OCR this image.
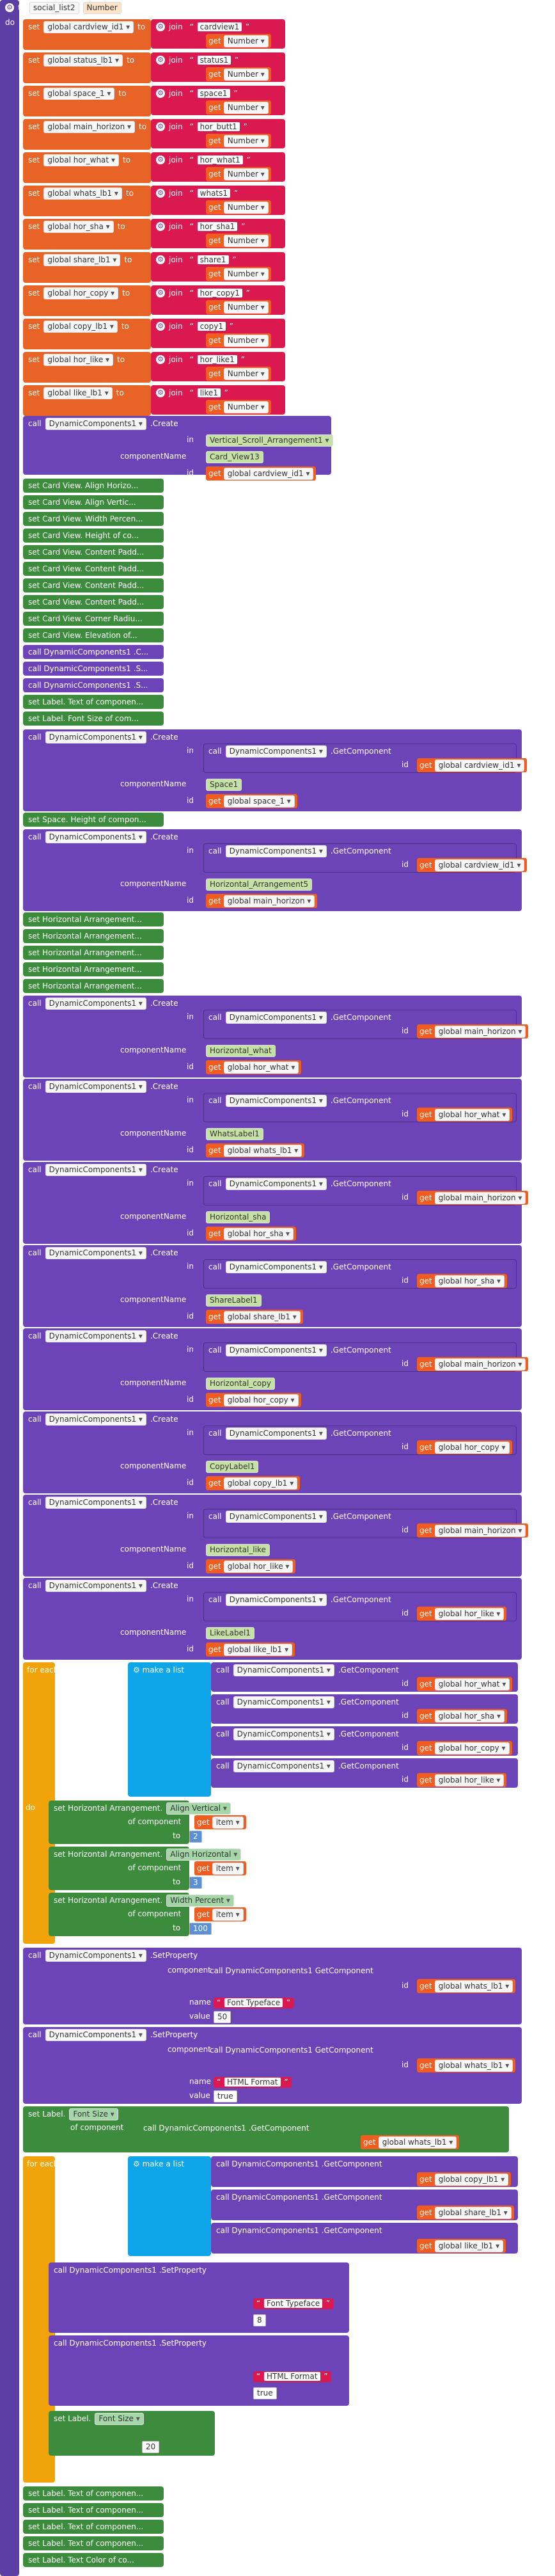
⚙ to	social_list2	Number
do
call	DynamicComponents1 ▾	.Create
in	Vertical_Scroll_Arrangement1 ▾
componentName	Card_View13
id get global cardview_id1 ▾
set	global cardview_id1 ▾	to ⚙ join “ cardview1 ”
get Number ▾
set	global status_lb1 ▾	to	⚙ join “ status1 ”
get Number ▾
set	global space_1 ▾	to	⚙ join “ space1 ”
get Number ▾
set	global main_horizon ▾	to ⚙ join “ hor_butt1 ”
get Number ▾
set	global hor_what ▾	to	⚙ join “ hor_what1 ”
get Number ▾
set	global whats_lb1 ▾	to	⚙ join “ whats1 ”
get Number ▾
set	global hor_sha ▾	to	⚙ join “ hor_sha1 ”
get Number ▾
set	global share_lb1 ▾	to	⚙ join “ share1 ”
get Number ▾
set	global hor_copy ▾	to	⚙ join “ hor_copy1 ”
get Number ▾
set	global copy_lb1 ▾	to	⚙ join “ copy1 ”
get Number ▾
set	global hor_like ▾	to	⚙ join “ hor_like1 ”
get Number ▾
set	global like_lb1 ▾	to	⚙ join “ like1 ”
get Number ▾
set Card View. Align Horizo...
set Card View. Align Vertic...
set Card View. Width Percen...
set Card View. Height of co...
set Card View. Content Padd...
set Card View. Content Padd...
set Card View. Content Padd...
set Card View. Content Padd...
set Card View. Corner Radiu...
set Card View. Elevation of...
call DynamicComponents1 .C...
call DynamicComponents1 .S...
call DynamicComponents1 .S...
set Label. Text of componen...
set Label. Font Size of com...
call	DynamicComponents1 ▾	.Create
in call	DynamicComponents1 ▾	.GetComponent
id get global cardview_id1 ▾
componentName	Space1
id get global space_1 ▾
set Space. Height of compon...
call	DynamicComponents1 ▾	.Create
in call	DynamicComponents1 ▾	.GetComponent
id get global cardview_id1 ▾
componentName	Horizontal_Arrangement5
id get global main_horizon ▾
set Horizontal Arrangement...
set Horizontal Arrangement...
set Horizontal Arrangement...
set Horizontal Arrangement...
set Horizontal Arrangement...
call	DynamicComponents1 ▾	.Create
in call	DynamicComponents1 ▾	.GetComponent
id get global main_horizon ▾
componentName	Horizontal_what
id get global hor_what ▾
call	DynamicComponents1 ▾	.Create
in call	DynamicComponents1 ▾	.GetComponent
id get global hor_what ▾
componentName	WhatsLabel1
id get global whats_lb1 ▾
call	DynamicComponents1 ▾	.Create
in call	DynamicComponents1 ▾	.GetComponent
id get global main_horizon ▾
componentName	Horizontal_sha
id get global hor_sha ▾
call	DynamicComponents1 ▾	.Create
in call	DynamicComponents1 ▾	.GetComponent
id get global hor_sha ▾
componentName	ShareLabel1
id get global share_lb1 ▾
call	DynamicComponents1 ▾	.Create
in call	DynamicComponents1 ▾	.GetComponent
id get global main_horizon ▾
componentName	Horizontal_copy
id get global hor_copy ▾
call	DynamicComponents1 ▾	.Create
in call	DynamicComponents1 ▾	.GetComponent
id get global hor_copy ▾
componentName	CopyLabel1
id get global copy_lb1 ▾
call	DynamicComponents1 ▾	.Create
in call	DynamicComponents1 ▾	.GetComponent
id get global main_horizon ▾
componentName	Horizontal_like
id get global hor_like ▾
call	DynamicComponents1 ▾	.Create
in call	DynamicComponents1 ▾	.GetComponent
id get global hor_like ▾
componentName	LikeLabel1
id get global like_lb1 ▾
for each item in list	⚙ make a list	call	DynamicComponents1 ▾	.GetComponent
id get global hor_what ▾
call	DynamicComponents1 ▾	.GetComponent
id get global hor_sha ▾
call	DynamicComponents1 ▾	.GetComponent
id get global hor_copy ▾
call	DynamicComponents1 ▾	.GetComponent
id get global hor_like ▾
do set Horizontal Arrangement.	Align Vertical ▾
of component get item ▾
to	2
set Horizontal Arrangement.	Align Horizontal ▾
of component get item ▾
to	3
set Horizontal Arrangement.	Width Percent ▾
of component get item ▾
to	100
call	DynamicComponents1 ▾	.SetProperty
component
call DynamicComponents1 GetComponent
id get global whats_lb1 ▾
name “ Font Typeface ”
value 50
call	DynamicComponents1 ▾	.SetProperty
component
call DynamicComponents1 GetComponent
id get global whats_lb1 ▾
name “ HTML Format ”
value true
set Label.	Font Size ▾
of component	call DynamicComponents1 .GetComponent
get global whats_lb1 ▾
for each item in list	⚙ make a list	call DynamicComponents1 .GetComponent
get global copy_lb1 ▾
call DynamicComponents1 .GetComponent
get global share_lb1 ▾
call DynamicComponents1 .GetComponent
get global like_lb1 ▾
call DynamicComponents1 .SetProperty
“ Font Typeface ”
8
call DynamicComponents1 .SetProperty
“ HTML Format ”
true
set Label.	Font Size ▾
20
set Label. Text of componen...
set Label. Text of componen...
set Label. Text of componen...
set Label. Text of componen...
set Label. Text Color of co...
